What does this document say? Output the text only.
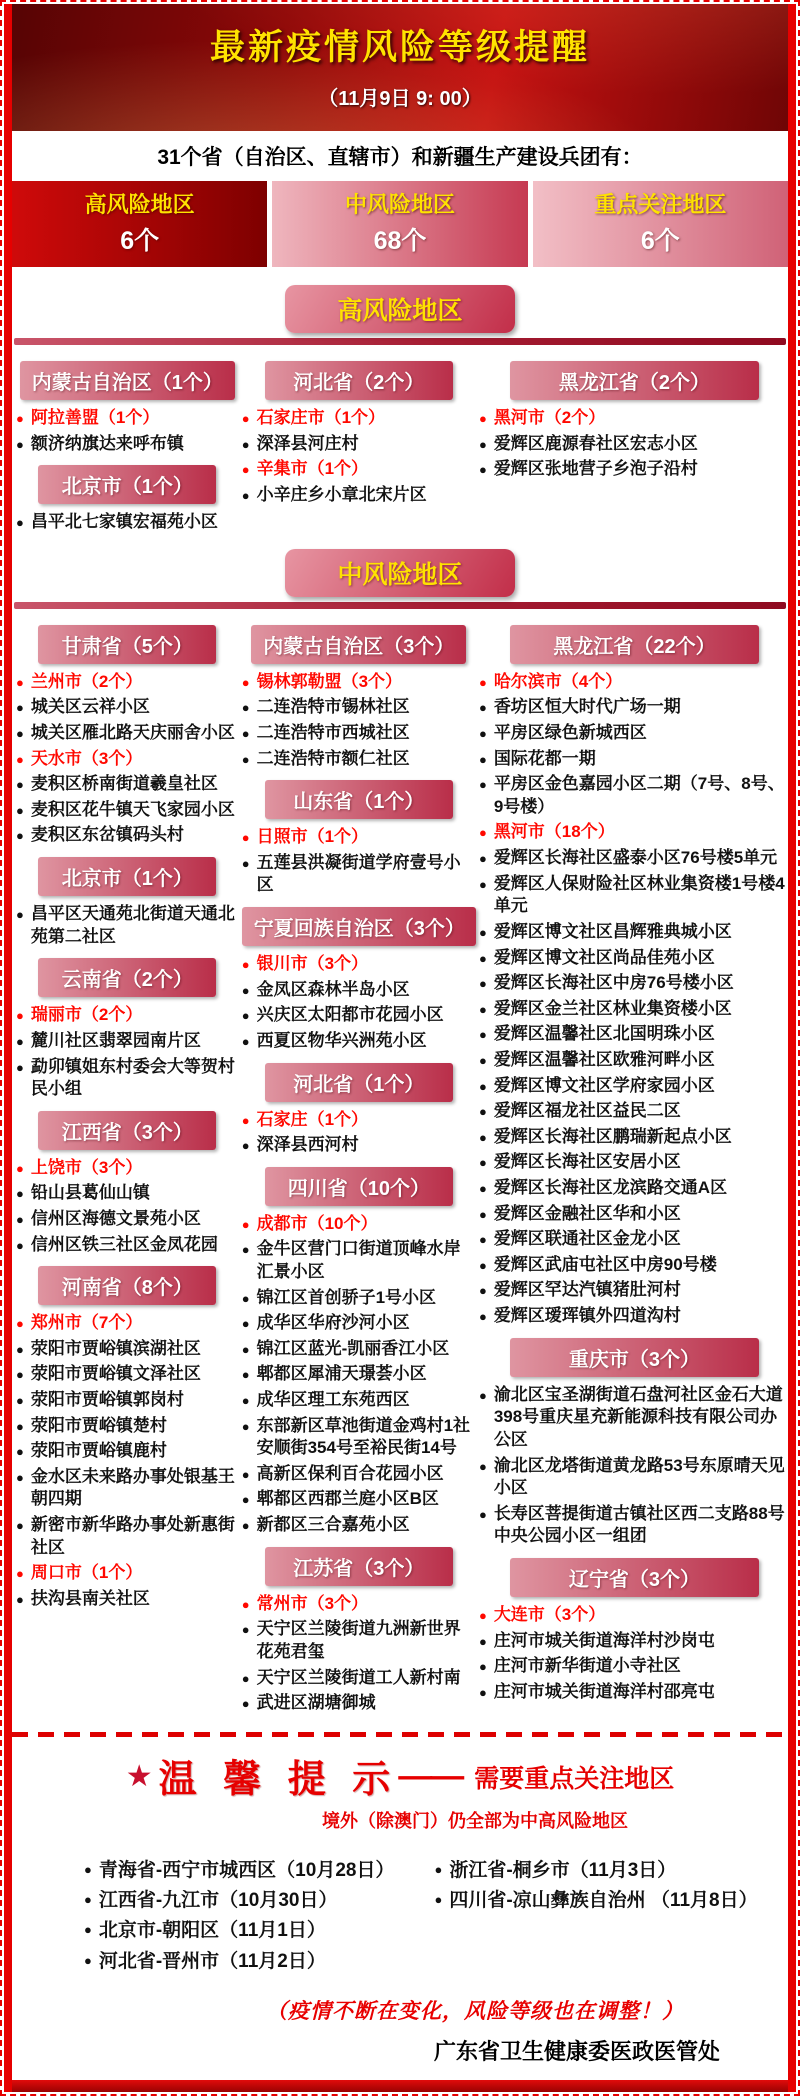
最新疫情风险等级提醒
（11月9日 9: 00）
31个省（自治区、直辖市）和新疆生产建设兵团有：
高风险地区
6个
中风险地区
68个
重点关注地区
6个
高风险地区
内蒙古自治区（1个）
● 阿拉善盟（1个）
● 额济纳旗达来呼布镇
北京市（1个）
● 昌平北七家镇宏福苑小区
河北省（2个）
● 石家庄市（1个）
● 深泽县河庄村
● 辛集市（1个）
● 小辛庄乡小章北宋片区
黑龙江省（2个）
● 黑河市（2个）
● 爱辉区鹿源春社区宏志小区
● 爱辉区张地营子乡泡子沿村
中风险地区
甘肃省（5个）
● 兰州市（2个）
● 城关区云祥小区
● 城关区雁北路天庆丽舍小区
● 天水市（3个）
● 麦积区桥南街道羲皇社区
● 麦积区花牛镇天飞家园小区
● 麦积区东岔镇码头村
北京市（1个）
● 昌平区天通苑北街道天通北苑第二社区
云南省（2个）
● 瑞丽市（2个）
● 麓川社区翡翠园南片区
● 勐卯镇姐东村委会大等贺村民小组
江西省（3个）
● 上饶市（3个）
● 铅山县葛仙山镇
● 信州区海德文景苑小区
● 信州区铁三社区金凤花园
河南省（8个）
● 郑州市（7个）
● 荥阳市贾峪镇滨湖社区
● 荥阳市贾峪镇文泽社区
● 荥阳市贾峪镇郭岗村
● 荥阳市贾峪镇楚村
● 荥阳市贾峪镇鹿村
● 金水区未来路办事处银基王朝四期
● 新密市新华路办事处新惠街社区
● 周口市（1个）
● 扶沟县南关社区
内蒙古自治区（3个）
● 锡林郭勒盟（3个）
● 二连浩特市锡林社区
● 二连浩特市西城社区
● 二连浩特市额仁社区
山东省（1个）
● 日照市（1个）
● 五莲县洪凝街道学府壹号小区
宁夏回族自治区（3个）
● 银川市（3个）
● 金凤区森林半岛小区
● 兴庆区太阳都市花园小区
● 西夏区物华兴洲苑小区
河北省（1个）
● 石家庄（1个）
● 深泽县西河村
四川省（10个）
● 成都市（10个）
● 金牛区营门口街道顶峰水岸汇景小区
● 锦江区首创骄子1号小区
● 成华区华府沙河小区
● 锦江区蓝光-凯丽香江小区
● 郫都区犀浦天璟荟小区
● 成华区理工东苑西区
● 东部新区草池街道金鸡村1社安顺街354号至裕民街14号
● 高新区保利百合花园小区
● 郫都区西郡兰庭小区B区
● 新都区三合嘉苑小区
江苏省（3个）
● 常州市（3个）
● 天宁区兰陵街道九洲新世界花苑君玺
● 天宁区兰陵街道工人新村南
● 武进区湖塘御城
黑龙江省（22个）
● 哈尔滨市（4个）
● 香坊区恒大时代广场一期
● 平房区绿色新城西区
● 国际花都一期
● 平房区金色嘉园小区二期（7号、8号、9号楼）
● 黑河市（18个）
● 爱辉区长海社区盛泰小区76号楼5单元
● 爱辉区人保财险社区林业集资楼1号楼4单元
● 爱辉区博文社区昌辉雅典城小区
● 爱辉区博文社区尚品佳苑小区
● 爱辉区长海社区中房76号楼小区
● 爱辉区金兰社区林业集资楼小区
● 爱辉区温馨社区北国明珠小区
● 爱辉区温馨社区欧雅河畔小区
● 爱辉区博文社区学府家园小区
● 爱辉区福龙社区益民二区
● 爱辉区长海社区鹏瑞新起点小区
● 爱辉区长海社区安居小区
● 爱辉区长海社区龙滨路交通A区
● 爱辉区金融社区华和小区
● 爱辉区联通社区金龙小区
● 爱辉区武庙屯社区中房90号楼
● 爱辉区罕达汽镇猪肚河村
● 爱辉区瑷珲镇外四道沟村
重庆市（3个）
● 渝北区宝圣湖街道石盘河社区金石大道398号重庆星充新能源科技有限公司办公区
● 渝北区龙塔街道黄龙路53号东原晴天见小区
● 长寿区菩提街道古镇社区西二支路88号中央公园小区一组团
辽宁省（3个）
● 大连市（3个）
● 庄河市城关街道海洋村沙岗屯
● 庄河市新华街道小寺社区
● 庄河市城关街道海洋村邵亮屯
★ 温 馨 提 示—— 需要重点关注地区
境外（除澳门）仍全部为中高风险地区
● 青海省-西宁市城西区（10月28日）
● 江西省-九江市（10月30日）
● 北京市-朝阳区（11月1日）
● 河北省-晋州市（11月2日）
● 浙江省-桐乡市（11月3日）
● 四川省-凉山彝族自治州 （11月8日）
（疫情不断在变化，风险等级也在调整！）
广东省卫生健康委医政医管处
